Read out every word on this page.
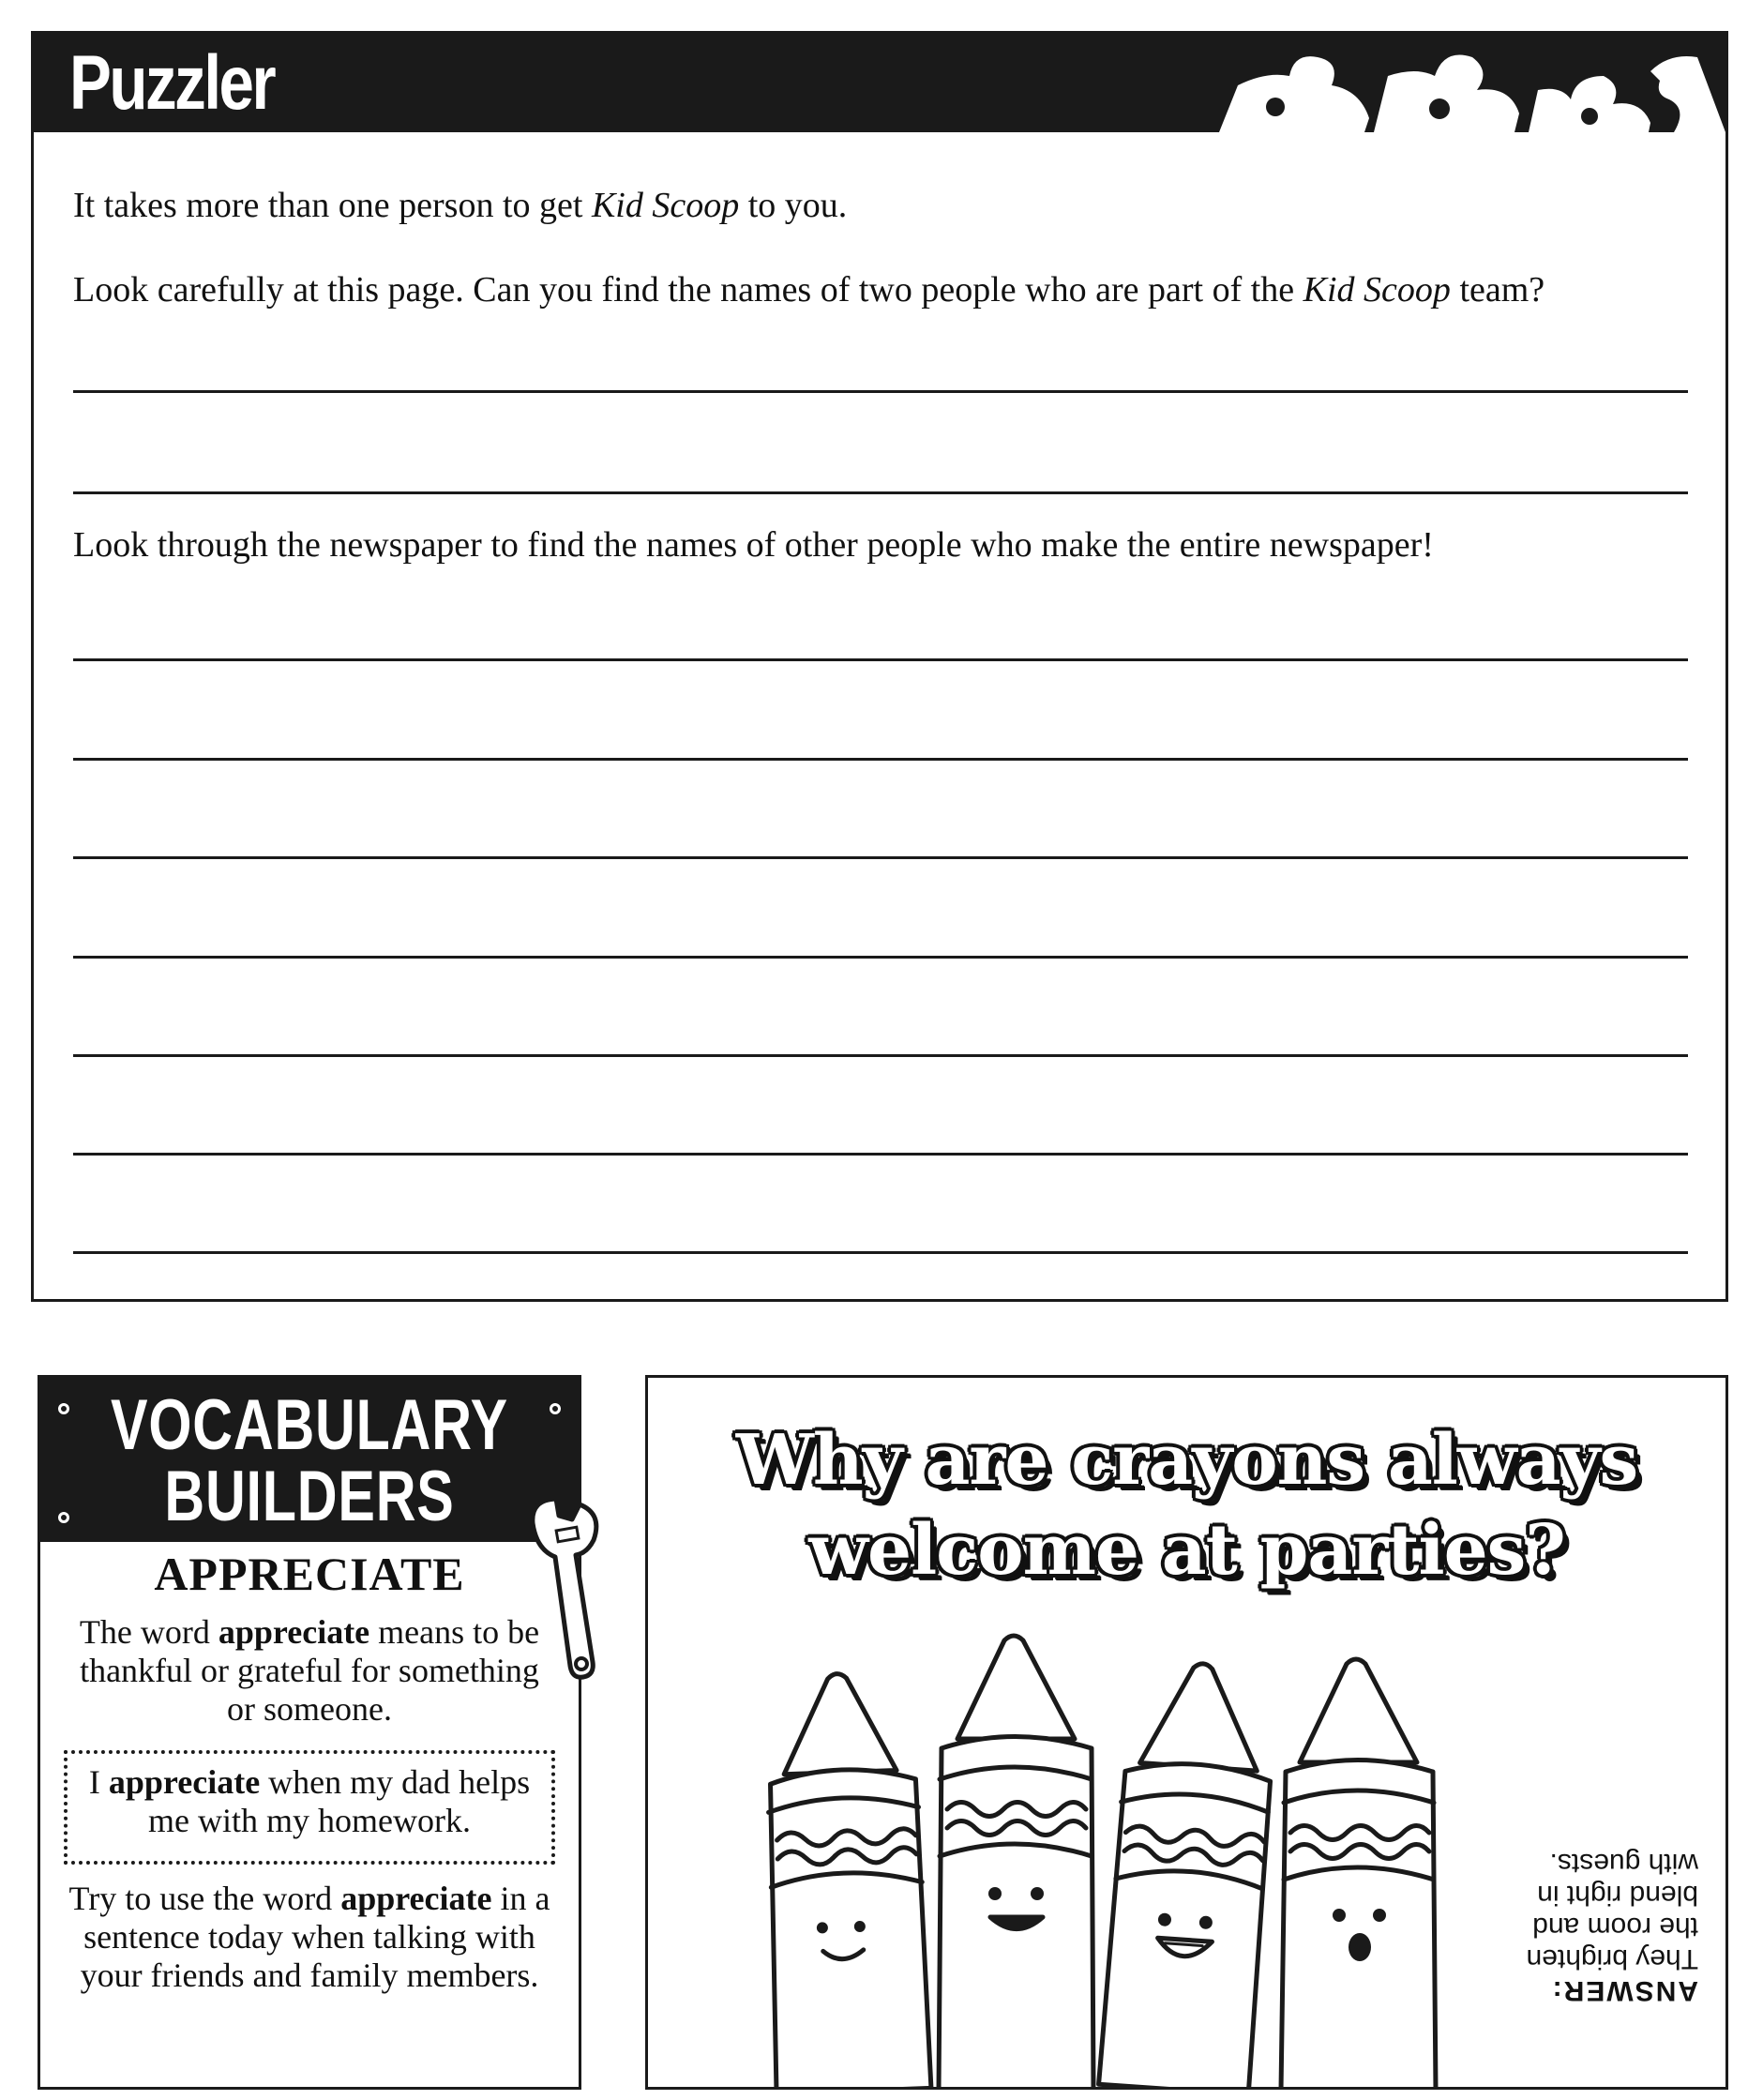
Puzzler
It takes more than one person to get Kid Scoop to you.
Look carefully at this page. Can you find the names of two people who are part of the Kid Scoop team?
Look through the newspaper to find the names of other people who make the entire newspaper!
VOCABULARY
BUILDERS
APPRECIATE
The word appreciate means to be thankful or grateful for something or someone.
I appreciate when my dad helps me with my homework.
Try to use the word appreciate in a sentence today when talking with your friends and family members.
Why are crayons always
welcome at parties?
ANSWER:
They brighten the room and blend right in with guests.
